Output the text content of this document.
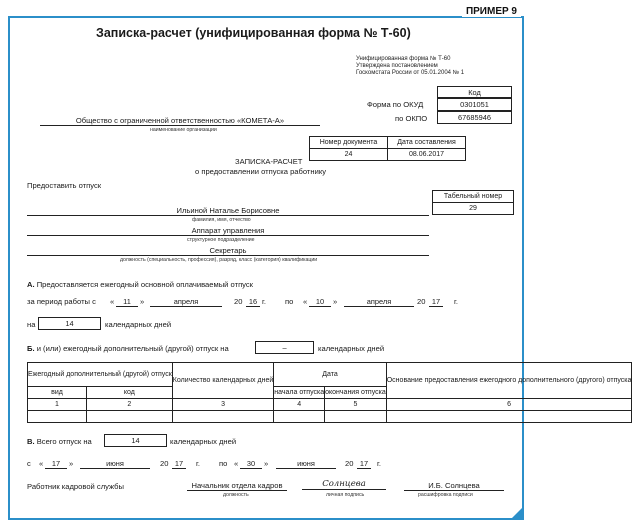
ПРИМЕР 9
Записка-расчет (унифицированная форма № Т-60)
Унифицированная форма № Т-60
Утверждена постановлением
Госкомстата России от 05.01.2004 № 1
Код
Форма по ОКУД	0301051
по ОКПО	67685946
Общество с ограниченной ответственностью «КОМЕТА-А»
наименование организации
Номер документа	Дата составления
24	08.06.2017
ЗАПИСКА-РАСЧЕТ
о предоставлении отпуска работнику
Предоставить отпуск
Табельный номер
29
Ильиной Наталье Борисовне
фамилия, имя, отчество
Аппарат управления
структурное подразделение
Секретарь
должность (специальность, профессия), разряд, класс (категория) квалификации
А. Предоставляется ежегодный основной оплачиваемый отпуск
за период работы с «	11	»	апреля	20 16 г.	по «	10	»	апреля	20 17	г.
на	14	календарных дней
Б. и (или) ежегодный дополнительный (другой) отпуск на	–	календарных дней
Ежегодный дополнительный (другой) отпуск		Количество календарных дней	Дата		Основание предоставления ежегодного дополнительного (другого) отпуска
вид	код		начала отпуска	окончания отпуска	
1	2	3	4	5	6

В. Всего отпуск на	14	календарных дней
с «	17	»	июня	20 17	г.	по «	30	»	июня	20 17	г.
Работник кадровой службы	Начальник отдела кадров
должность
Солнцева
личная подпись
И.Б. Солнцева
расшифровка подписи
